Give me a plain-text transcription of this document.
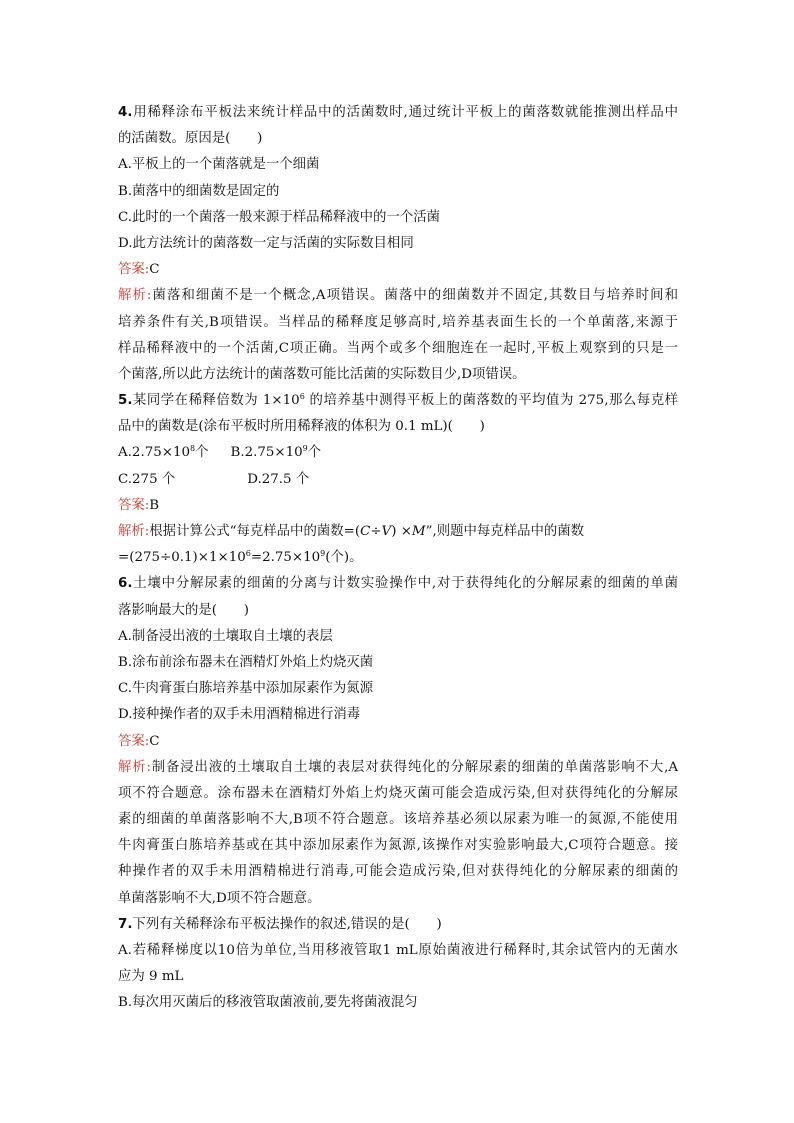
4.用稀释涂布平板法来统计样品中的活菌数时,通过统计平板上的菌落数就能推测出样品中
的活菌数。原因是(　　)
A.平板上的一个菌落就是一个细菌
B.菌落中的细菌数是固定的
C.此时的一个菌落一般来源于样品稀释液中的一个活菌
D.此方法统计的菌落数一定与活菌的实际数目相同
答案:C
解析:菌落和细菌不是一个概念,A项错误。菌落中的细菌数并不固定,其数目与培养时间和
培养条件有关,B项错误。当样品的稀释度足够高时,培养基表面生长的一个单菌落,来源于
样品稀释液中的一个活菌,C项正确。当两个或多个细胞连在一起时,平板上观察到的只是一
个菌落,所以此方法统计的菌落数可能比活菌的实际数目少,D项错误。
5.某同学在稀释倍数为 $1\times 10^6$ 的培养基中测得平板上的菌落数的平均值为 275,那么每克样
品中的菌数是(涂布平板时所用稀释液的体积为 0.1 mL)(　　)
$A.2.75\times 10^8$个 $B.2.75\times 10^9$个
C.275 个	D.27.5 个
答案:B
解析:根据计算公式“每克样品中的菌数=(C÷V) ×M”,则题中每克样品中的菌数
$=(275\div 0.1)\times 1\times 10^6=2.75\times 10^9$(个)。
6.土壤中分解尿素的细菌的分离与计数实验操作中,对于获得纯化的分解尿素的细菌的单菌
落影响最大的是(　　)
A.制备浸出液的土壤取自土壤的表层
B.涂布前涂布器未在酒精灯外焰上灼烧灭菌
C.牛肉膏蛋白胨培养基中添加尿素作为氮源
D.接种操作者的双手未用酒精棉进行消毒
答案:C
解析:制备浸出液的土壤取自土壤的表层对获得纯化的分解尿素的细菌的单菌落影响不大,A
项不符合题意。涂布器未在酒精灯外焰上灼烧灭菌可能会造成污染,但对获得纯化的分解尿
素的细菌的单菌落影响不大,B项不符合题意。该培养基必须以尿素为唯一的氮源,不能使用
牛肉膏蛋白胨培养基或在其中添加尿素作为氮源,该操作对实验影响最大,C项符合题意。接
种操作者的双手未用酒精棉进行消毒,可能会造成污染,但对获得纯化的分解尿素的细菌的
单菌落影响不大,D项不符合题意。
7.下列有关稀释涂布平板法操作的叙述,错误的是(　　)
A.若稀释梯度以10倍为单位,当用移液管取1 mL原始菌液进行稀释时,其余试管内的无菌水
应为 9 mL
B.每次用灭菌后的移液管取菌液前,要先将菌液混匀
